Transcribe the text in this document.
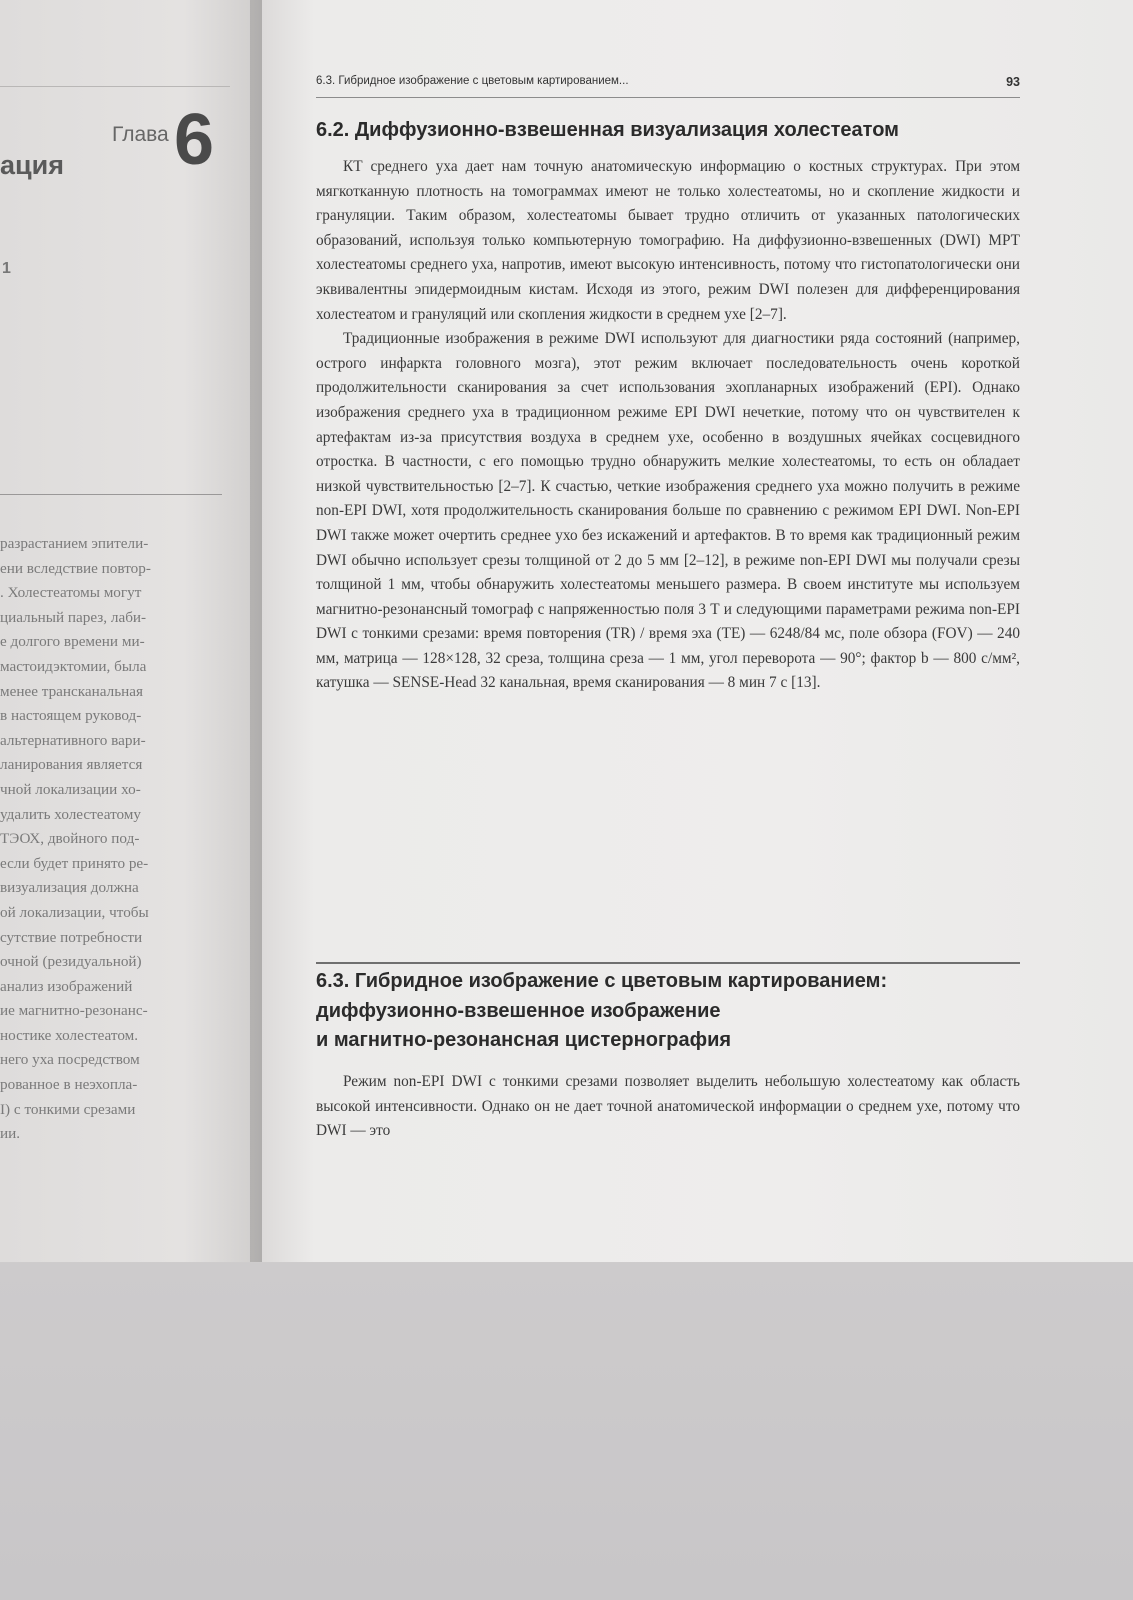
Глава 6
ация
1
разрастанием эпители-
ени вследствие повтор-
. Холестеатомы могут
циальный парез, лаби-
е долгого времени ми-
мастоидэктомии, была
менее трансканальная
в настоящем руковод-
альтернативного вари-
ланирования является
чной локализации хо-
удалить холестеатому
ТЭОХ, двойного под-
если будет принято ре-
визуализация должна
ой локализации, чтобы
сутствие потребности
очной (резидуальной)
анализ изображений
ие магнитно-резонанс-
ностике холестеатом.
него уха посредством
рованное в неэхопла-
I) с тонкими срезами
ии.
6.3. Гибридное изображение с цветовым картированием...	93
6.2. Диффузионно-взвешенная визуализация холестеатом

КТ среднего уха дает нам точную анатомическую информацию о костных структурах. При этом мягкотканную плотность на томограммах имеют не только холестеатомы, но и скопление жидкости и грануляции. Таким образом, холестеатомы бывает трудно отличить от указанных патологических образований, используя только компьютерную томографию. На диффузионно-взвешенных (DWI) МРТ холестеатомы среднего уха, напротив, имеют высокую интенсивность, потому что гистопатологически они эквивалентны эпидермоидным кистам. Исходя из этого, режим DWI полезен для дифференцирования холестеатом и грануляций или скопления жидкости в среднем ухе [2–7].

Традиционные изображения в режиме DWI используют для диагностики ряда состояний (например, острого инфаркта головного мозга), этот режим включает последовательность очень короткой продолжительности сканирования за счет использования эхопланарных изображений (EPI). Однако изображения среднего уха в традиционном режиме EPI DWI нечеткие, потому что он чувствителен к артефактам из-за присутствия воздуха в среднем ухе, особенно в воздушных ячейках сосцевидного отростка. В частности, с его помощью трудно обнаружить мелкие холестеатомы, то есть он обладает низкой чувствительностью [2–7]. К счастью, четкие изображения среднего уха можно получить в режиме non-EPI DWI, хотя продолжительность сканирования больше по сравнению с режимом EPI DWI. Non-EPI DWI также может очертить среднее ухо без искажений и артефактов. В то время как традиционный режим DWI обычно использует срезы толщиной от 2 до 5 мм [2–12], в режиме non-EPI DWI мы получали срезы толщиной 1 мм, чтобы обнаружить холестеатомы меньшего размера. В своем институте мы используем магнитно-резонансный томограф с напряженностью поля 3 Т и следующими параметрами режима non-EPI DWI с тонкими срезами: время повторения (TR) / время эха (TE) — 6248/84 мс, поле обзора (FOV) — 240 мм, матрица — 128×128, 32 среза, толщина среза — 1 мм, угол переворота — 90°; фактор b — 800 с/мм², катушка — SENSE-Head 32 канальная, время сканирования — 8 мин 7 с [13].

6.3. Гибридное изображение с цветовым картированием:
диффузионно-взвешенное изображение
и магнитно-резонансная цистернография

Режим non-EPI DWI с тонкими срезами позволяет выделить небольшую холестеатому как область высокой интенсивности. Однако он не дает точной анатомической информации о среднем ухе, потому что DWI — это
